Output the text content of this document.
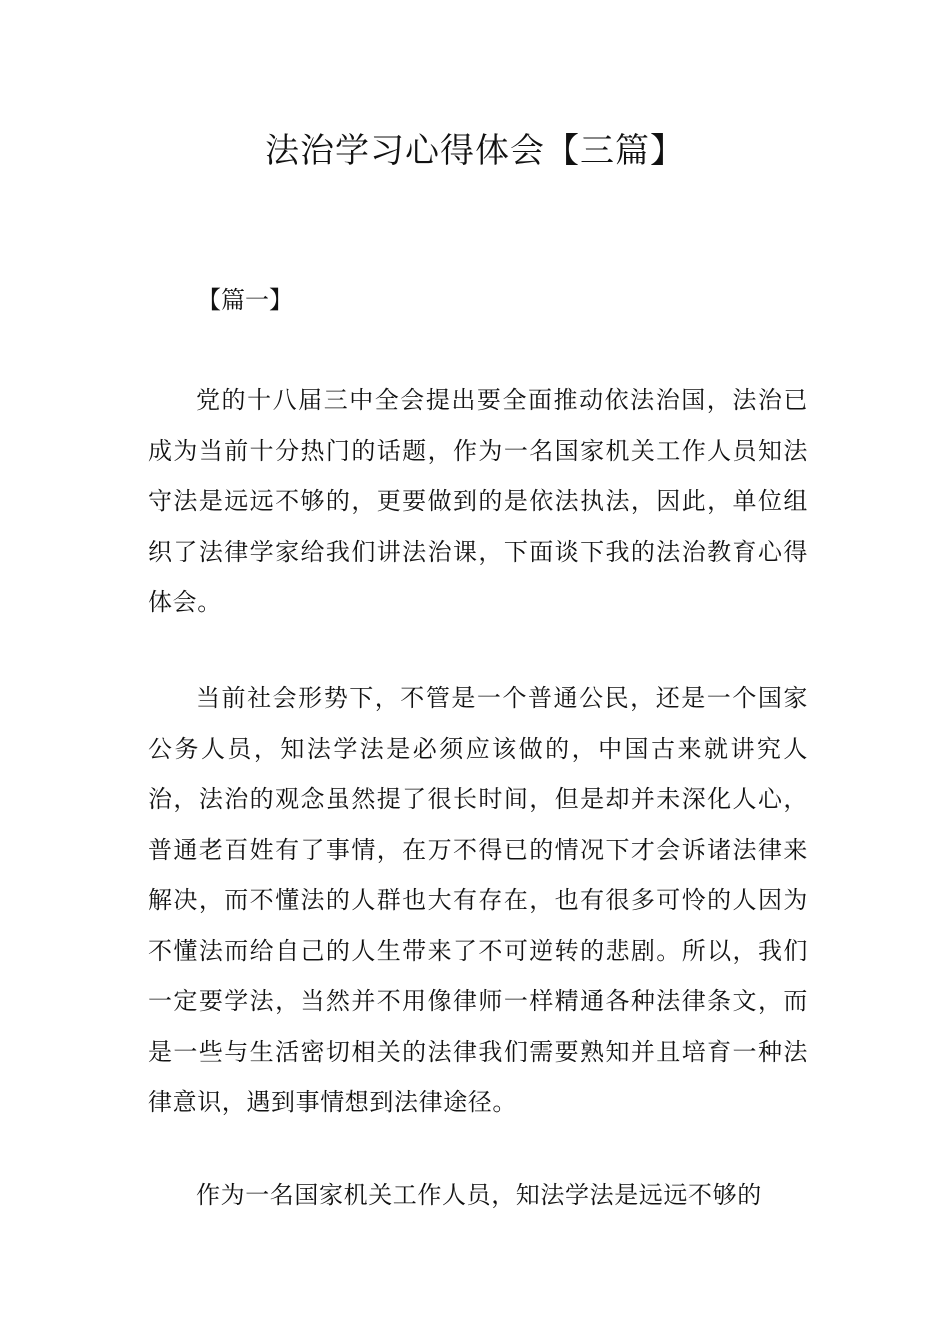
法治学习心得体会【三篇】
【篇一】

党的十八届三中全会提出要全面推动依法治国，法治已成为当前十分热门的话题，作为一名国家机关工作人员知法守法是远远不够的，更要做到的是依法执法，因此，单位组织了法律学家给我们讲法治课，下面谈下我的法治教育心得体会。

当前社会形势下，不管是一个普通公民，还是一个国家公务人员，知法学法是必须应该做的，中国古来就讲究人治，法治的观念虽然提了很长时间，但是却并未深化人心，普通老百姓有了事情，在万不得已的情况下才会诉诸法律来解决，而不懂法的人群也大有存在，也有很多可怜的人因为不懂法而给自己的人生带来了不可逆转的悲剧。所以，我们一定要学法，当然并不用像律师一样精通各种法律条文，而是一些与生活密切相关的法律我们需要熟知并且培育一种法律意识，遇到事情想到法律途径。

作为一名国家机关工作人员，知法学法是远远不够的
